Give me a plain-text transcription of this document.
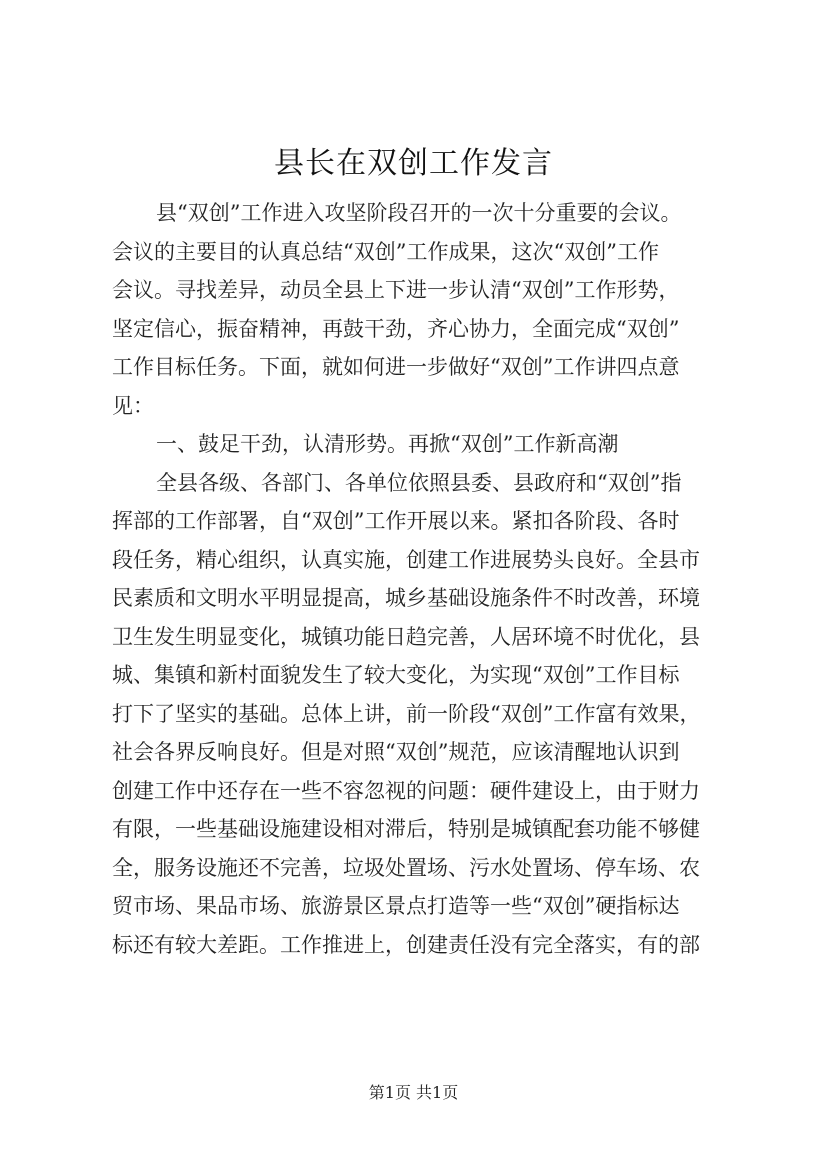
县长在双创工作发言
县“双创”工作进入攻坚阶段召开的一次十分重要的会议。
会议的主要目的认真总结“双创”工作成果，这次“双创”工作
会议。寻找差异，动员全县上下进一步认清“双创”工作形势，
坚定信心，振奋精神，再鼓干劲，齐心协力，全面完成“双创”
工作目标任务。下面，就如何进一步做好“双创”工作讲四点意
见：
一、鼓足干劲，认清形势。再掀“双创”工作新高潮
全县各级、各部门、各单位依照县委、县政府和“双创”指
挥部的工作部署，自“双创”工作开展以来。紧扣各阶段、各时
段任务，精心组织，认真实施，创建工作进展势头良好。全县市
民素质和文明水平明显提高，城乡基础设施条件不时改善，环境
卫生发生明显变化，城镇功能日趋完善，人居环境不时优化，县
城、集镇和新村面貌发生了较大变化，为实现“双创”工作目标
打下了坚实的基础。总体上讲，前一阶段“双创”工作富有效果，
社会各界反响良好。但是对照“双创”规范，应该清醒地认识到
创建工作中还存在一些不容忽视的问题：硬件建设上，由于财力
有限，一些基础设施建设相对滞后，特别是城镇配套功能不够健
全，服务设施还不完善，垃圾处置场、污水处置场、停车场、农
贸市场、果品市场、旅游景区景点打造等一些“双创”硬指标达
标还有较大差距。工作推进上，创建责任没有完全落实，有的部
第1页 共1页
